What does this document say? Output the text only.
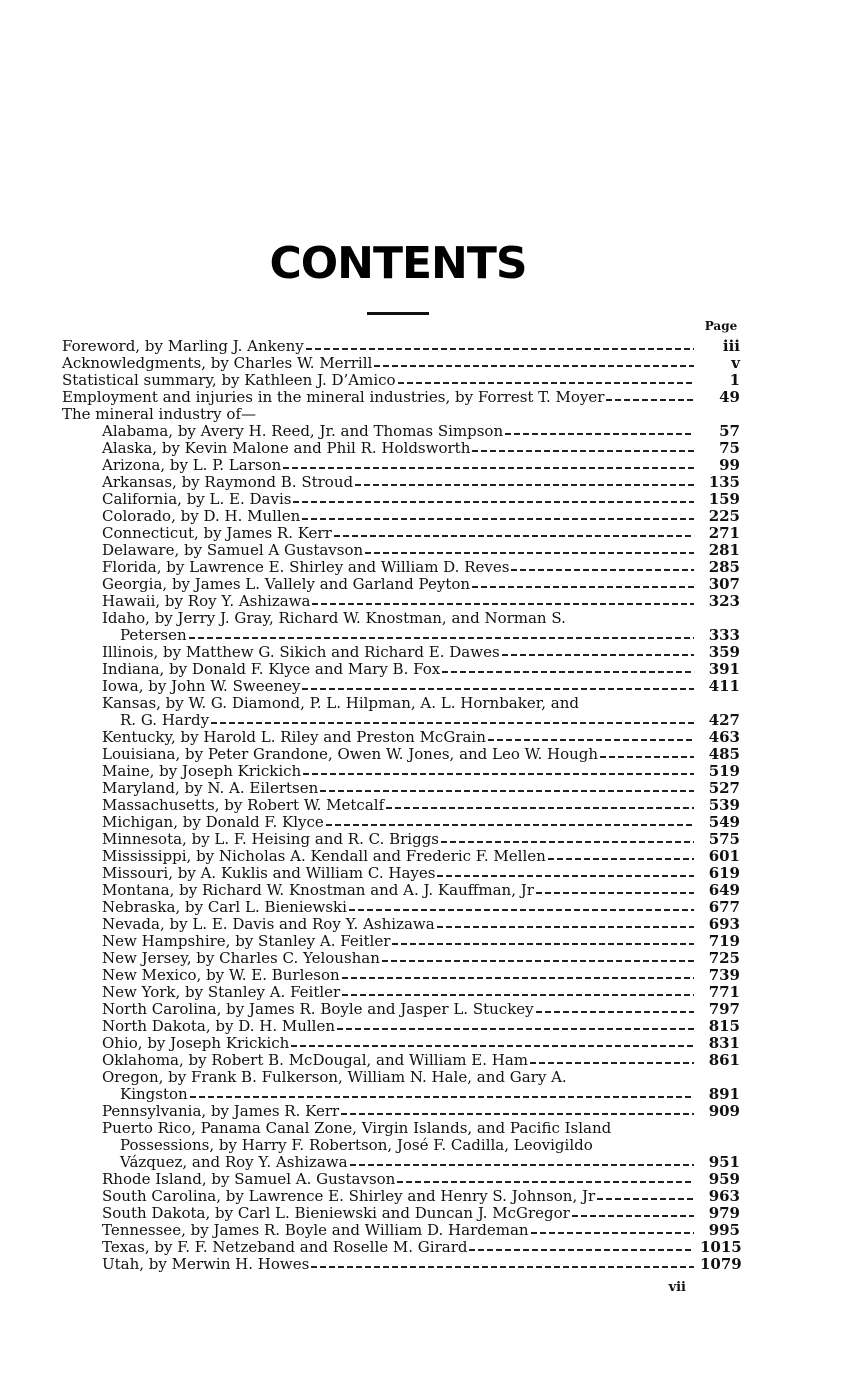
CONTENTS
Page
Foreword, by Marling J. Ankeny	iii
Acknowledgments, by Charles W. Merrill	v
Statistical summary, by Kathleen J. D’Amico	1
Employment and injuries in the mineral industries, by Forrest T. Moyer	49
The mineral industry of—
Alabama, by Avery H. Reed, Jr. and Thomas Simpson	57
Alaska, by Kevin Malone and Phil R. Holdsworth	75
Arizona, by L. P. Larson	99
Arkansas, by Raymond B. Stroud	135
California, by L. E. Davis	159
Colorado, by D. H. Mullen	225
Connecticut, by James R. Kerr	271
Delaware, by Samuel A Gustavson	281
Florida, by Lawrence E. Shirley and William D. Reves	285
Georgia, by James L. Vallely and Garland Peyton	307
Hawaii, by Roy Y. Ashizawa	323
Idaho, by Jerry J. Gray, Richard W. Knostman, and Norman S.
Petersen	333
Illinois, by Matthew G. Sikich and Richard E. Dawes	359
Indiana, by Donald F. Klyce and Mary B. Fox	391
Iowa, by John W. Sweeney	411
Kansas, by W. G. Diamond, P. L. Hilpman, A. L. Hornbaker, and
R. G. Hardy	427
Kentucky, by Harold L. Riley and Preston McGrain	463
Louisiana, by Peter Grandone, Owen W. Jones, and Leo W. Hough	485
Maine, by Joseph Krickich	519
Maryland, by N. A. Eilertsen	527
Massachusetts, by Robert W. Metcalf	539
Michigan, by Donald F. Klyce	549
Minnesota, by L. F. Heising and R. C. Briggs	575
Mississippi, by Nicholas A. Kendall and Frederic F. Mellen	601
Missouri, by A. Kuklis and William C. Hayes	619
Montana, by Richard W. Knostman and A. J. Kauffman, Jr	649
Nebraska, by Carl L. Bieniewski	677
Nevada, by L. E. Davis and Roy Y. Ashizawa	693
New Hampshire, by Stanley A. Feitler	719
New Jersey, by Charles C. Yeloushan	725
New Mexico, by W. E. Burleson	739
New York, by Stanley A. Feitler	771
North Carolina, by James R. Boyle and Jasper L. Stuckey	797
North Dakota, by D. H. Mullen	815
Ohio, by Joseph Krickich	831
Oklahoma, by Robert B. McDougal, and William E. Ham	861
Oregon, by Frank B. Fulkerson, William N. Hale, and Gary A.
Kingston	891
Pennsylvania, by James R. Kerr	909
Puerto Rico, Panama Canal Zone, Virgin Islands, and Pacific Island
Possessions, by Harry F. Robertson, José F. Cadilla, Leovigildo
Vázquez, and Roy Y. Ashizawa	951
Rhode Island, by Samuel A. Gustavson	959
South Carolina, by Lawrence E. Shirley and Henry S. Johnson, Jr	963
South Dakota, by Carl L. Bieniewski and Duncan J. McGregor	979
Tennessee, by James R. Boyle and William D. Hardeman	995
Texas, by F. F. Netzeband and Roselle M. Girard	1015
Utah, by Merwin H. Howes	1079
vii
